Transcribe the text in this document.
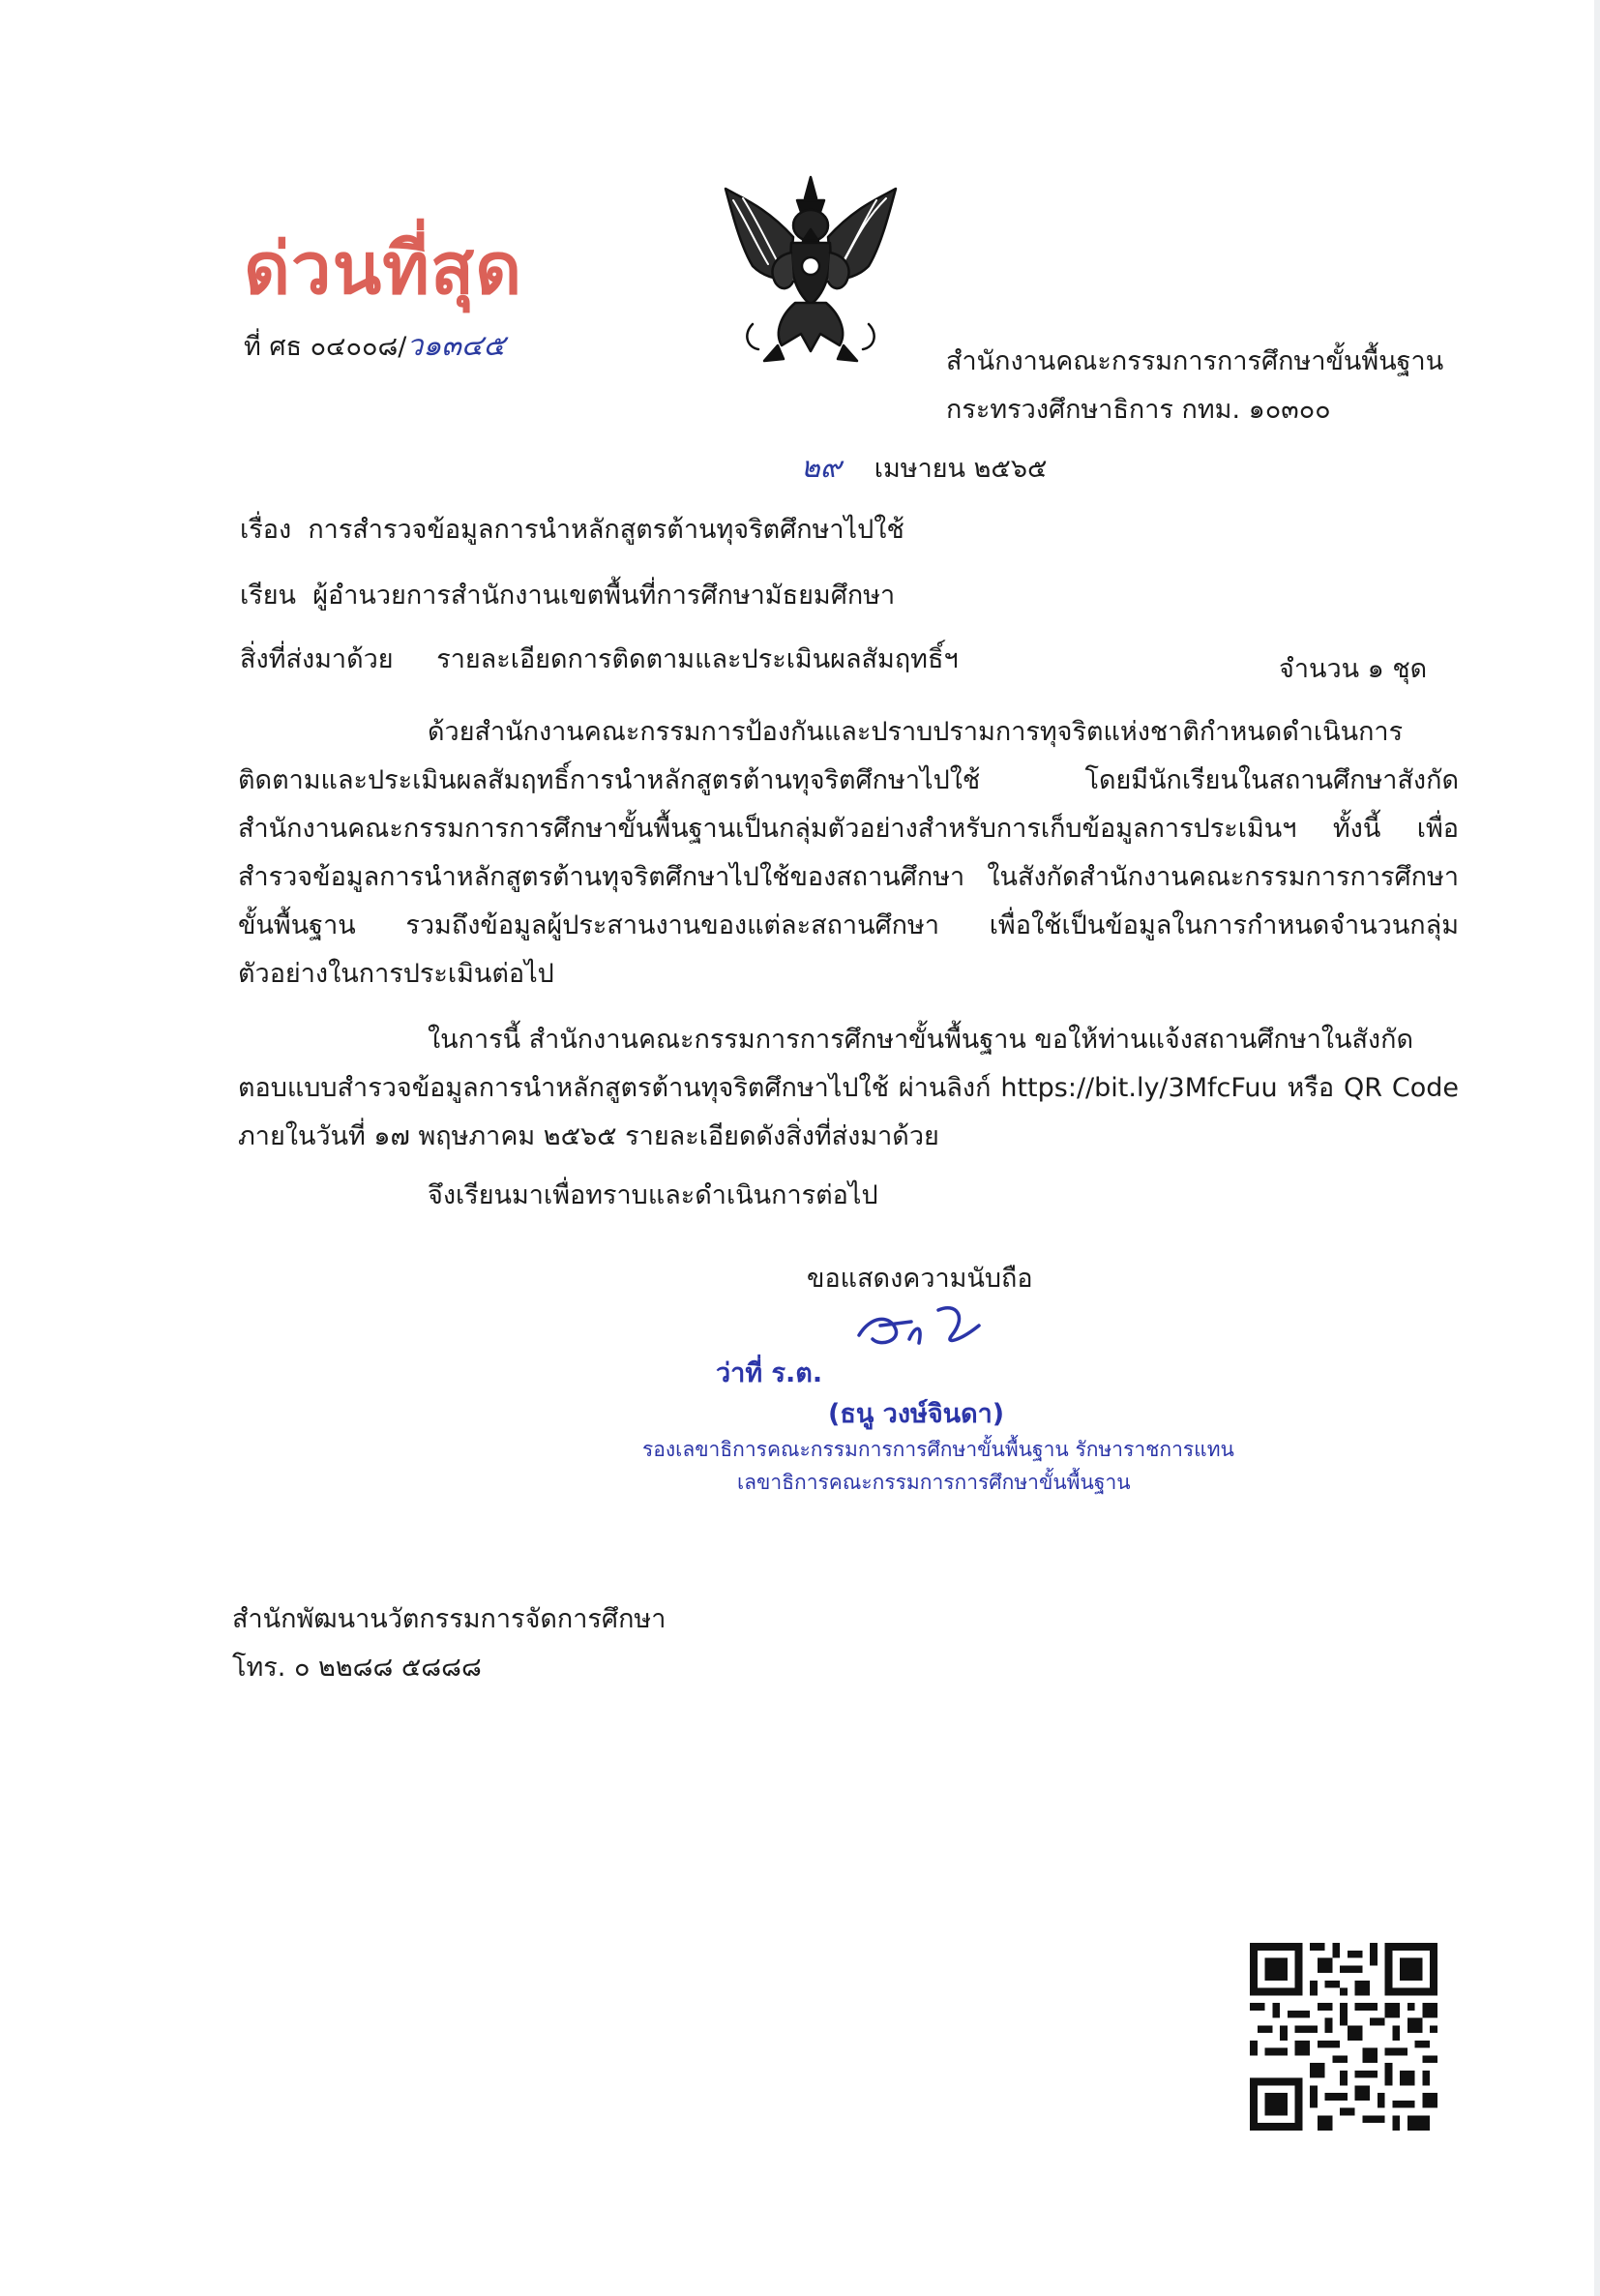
ด่วนที่สุด
ที่ ศธ ๐๔๐๐๘/ว๑๓๔๕	สำนักงานคณะกรรมการการศึกษาขั้นพื้นฐาน
กระทรวงศึกษาธิการ กทม. ๑๐๓๐๐
๒๙ เมษายน ๒๕๖๕
เรื่อง การสำรวจข้อมูลการนำหลักสูตรต้านทุจริตศึกษาไปใช้
เรียน ผู้อำนวยการสำนักงานเขตพื้นที่การศึกษามัธยมศึกษา
สิ่งที่ส่งมาด้วย รายละเอียดการติดตามและประเมินผลสัมฤทธิ์ฯ	จำนวน ๑ ชุด
ด้วยสำนักงานคณะกรรมการป้องกันและปราบปรามการทุจริตแห่งชาติกำหนดดำเนินการ
ติดตามและประเมินผลสัมฤทธิ์การนำหลักสูตรต้านทุจริตศึกษาไปใช้ โดยมีนักเรียนในสถานศึกษาสังกัดสำนักงานคณะกรรมการการศึกษาขั้นพื้นฐานเป็นกลุ่มตัวอย่างสำหรับการเก็บข้อมูลการประเมินฯ ทั้งนี้ เพื่อสำรวจข้อมูลการนำหลักสูตรต้านทุจริตศึกษาไปใช้ของสถานศึกษา ในสังกัดสำนักงานคณะกรรมการการศึกษาขั้นพื้นฐาน รวมถึงข้อมูลผู้ประสานงานของแต่ละสถานศึกษา เพื่อใช้เป็นข้อมูลในการกำหนดจำนวนกลุ่มตัวอย่างในการประเมินต่อไป
ในการนี้ สำนักงานคณะกรรมการการศึกษาขั้นพื้นฐาน ขอให้ท่านแจ้งสถานศึกษาในสังกัด
ตอบแบบสำรวจข้อมูลการนำหลักสูตรต้านทุจริตศึกษาไปใช้ ผ่านลิงก์ https://bit.ly/3MfcFuu หรือ QR Code ภายในวันที่ ๑๗ พฤษภาคม ๒๕๖๕ รายละเอียดดังสิ่งที่ส่งมาด้วย
จึงเรียนมาเพื่อทราบและดำเนินการต่อไป
ขอแสดงความนับถือ
ว่าที่ ร.ต.
(ธนู วงษ์จินดา)
รองเลขาธิการคณะกรรมการการศึกษาขั้นพื้นฐาน รักษาราชการแทน
เลขาธิการคณะกรรมการการศึกษาขั้นพื้นฐาน
สำนักพัฒนานวัตกรรมการจัดการศึกษา
โทร. ๐ ๒๒๘๘ ๕๘๘๘
